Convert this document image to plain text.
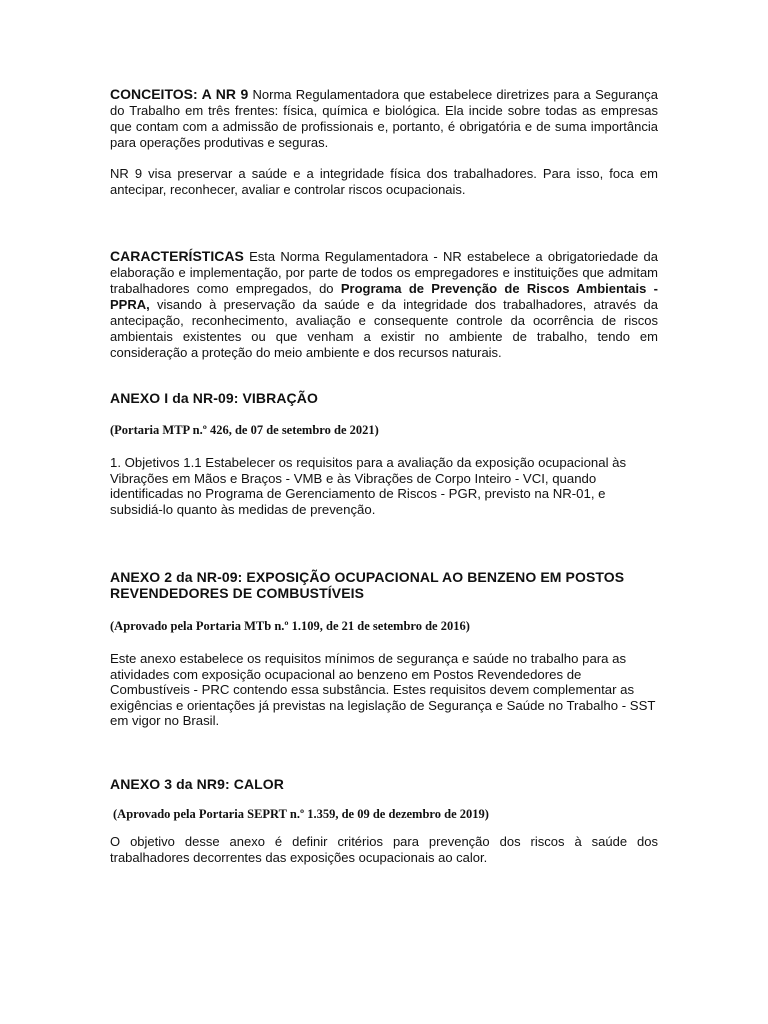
CONCEITOS: A NR 9 Norma Regulamentadora que estabelece diretrizes para a Segurança do Trabalho em três frentes: física, química e biológica. Ela incide sobre todas as empresas que contam com a admissão de profissionais e, portanto, é obrigatória e de suma importância para operações produtivas e seguras.

NR 9 visa preservar a saúde e a integridade física dos trabalhadores. Para isso, foca em antecipar, reconhecer, avaliar e controlar riscos ocupacionais.

CARACTERÍSTICAS Esta Norma Regulamentadora - NR estabelece a obrigatoriedade da elaboração e implementação, por parte de todos os empregadores e instituições que admitam trabalhadores como empregados, do Programa de Prevenção de Riscos Ambientais - PPRA, visando à preservação da saúde e da integridade dos trabalhadores, através da antecipação, reconhecimento, avaliação e consequente controle da ocorrência de riscos ambientais existentes ou que venham a existir no ambiente de trabalho, tendo em consideração a proteção do meio ambiente e dos recursos naturais.

ANEXO I da NR-09: VIBRAÇÃO

(Portaria MTP n.º 426, de 07 de setembro de 2021)

1. Objetivos 1.1 Estabelecer os requisitos para a avaliação da exposição ocupacional às Vibrações em Mãos e Braços - VMB e às Vibrações de Corpo Inteiro - VCI, quando identificadas no Programa de Gerenciamento de Riscos - PGR, previsto na NR-01, e subsidiá-lo quanto às medidas de prevenção.

ANEXO 2 da NR-09: EXPOSIÇÃO OCUPACIONAL AO BENZENO EM POSTOS REVENDEDORES DE COMBUSTÍVEIS

(Aprovado pela Portaria MTb n.º 1.109, de 21 de setembro de 2016)

Este anexo estabelece os requisitos mínimos de segurança e saúde no trabalho para as atividades com exposição ocupacional ao benzeno em Postos Revendedores de Combustíveis - PRC contendo essa substância. Estes requisitos devem complementar as exigências e orientações já previstas na legislação de Segurança e Saúde no Trabalho - SST em vigor no Brasil.

ANEXO 3 da NR9: CALOR

(Aprovado pela Portaria SEPRT n.º 1.359, de 09 de dezembro de 2019)

O objetivo desse anexo é definir critérios para prevenção dos riscos à saúde dos trabalhadores decorrentes das exposições ocupacionais ao calor.
